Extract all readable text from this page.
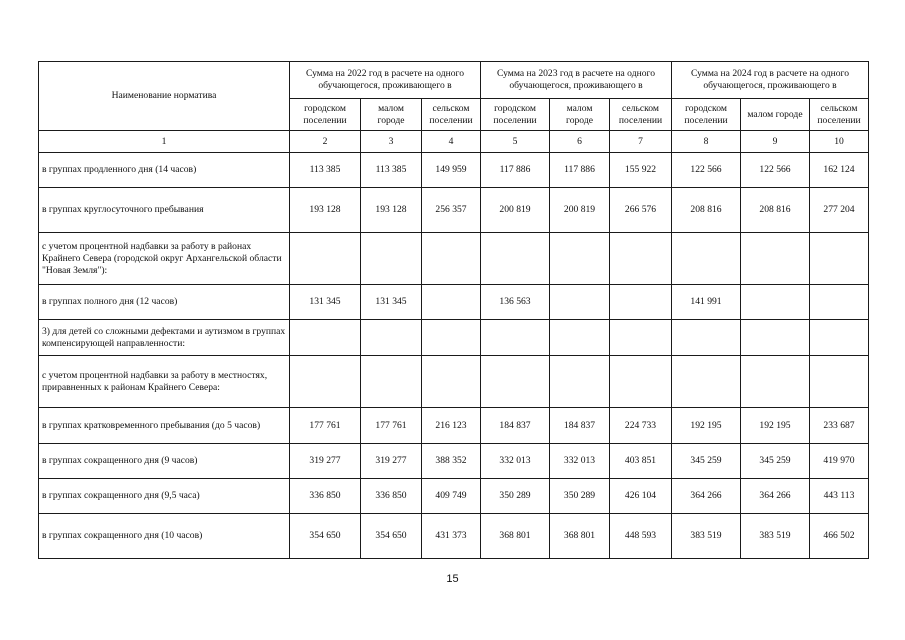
Наименование норматива	Сумма на 2022 год в расчете на одного обучающегося, проживающего в			Сумма на 2023 год в расчете на одного обучающегося, проживающего в			Сумма на 2024 год в расчете на одного обучающегося, проживающего в		
	городском поселении	малом городе	сельском поселении	городском поселении	малом городе	сельском поселении	городском поселении	малом городе	сельском поселении
1	2	3	4	5	6	7	8	9	10
в группах продленного дня (14 часов)	113 385	113 385	149 959	117 886	117 886	155 922	122 566	122 566	162 124
в группах круглосуточного пребывания	193 128	193 128	256 357	200 819	200 819	266 576	208 816	208 816	277 204
с учетом процентной надбавки за работу в районах Крайнего Севера (городской округ Архангельской области "Новая Земля"):									
в группах полного дня (12 часов)	131 345	131 345		136 563			141 991		
3) для детей со сложными дефектами и аутизмом в группах компенсирующей направленности:									
с учетом процентной надбавки за работу в местностях, приравненных к районам Крайнего Севера:									
в группах кратковременного пребывания (до 5 часов)	177 761	177 761	216 123	184 837	184 837	224 733	192 195	192 195	233 687
в группах сокращенного дня (9 часов)	319 277	319 277	388 352	332 013	332 013	403 851	345 259	345 259	419 970
в группах сокращенного дня (9,5 часа)	336 850	336 850	409 749	350 289	350 289	426 104	364 266	364 266	443 113
в группах сокращенного дня (10 часов)	354 650	354 650	431 373	368 801	368 801	448 593	383 519	383 519	466 502
15
